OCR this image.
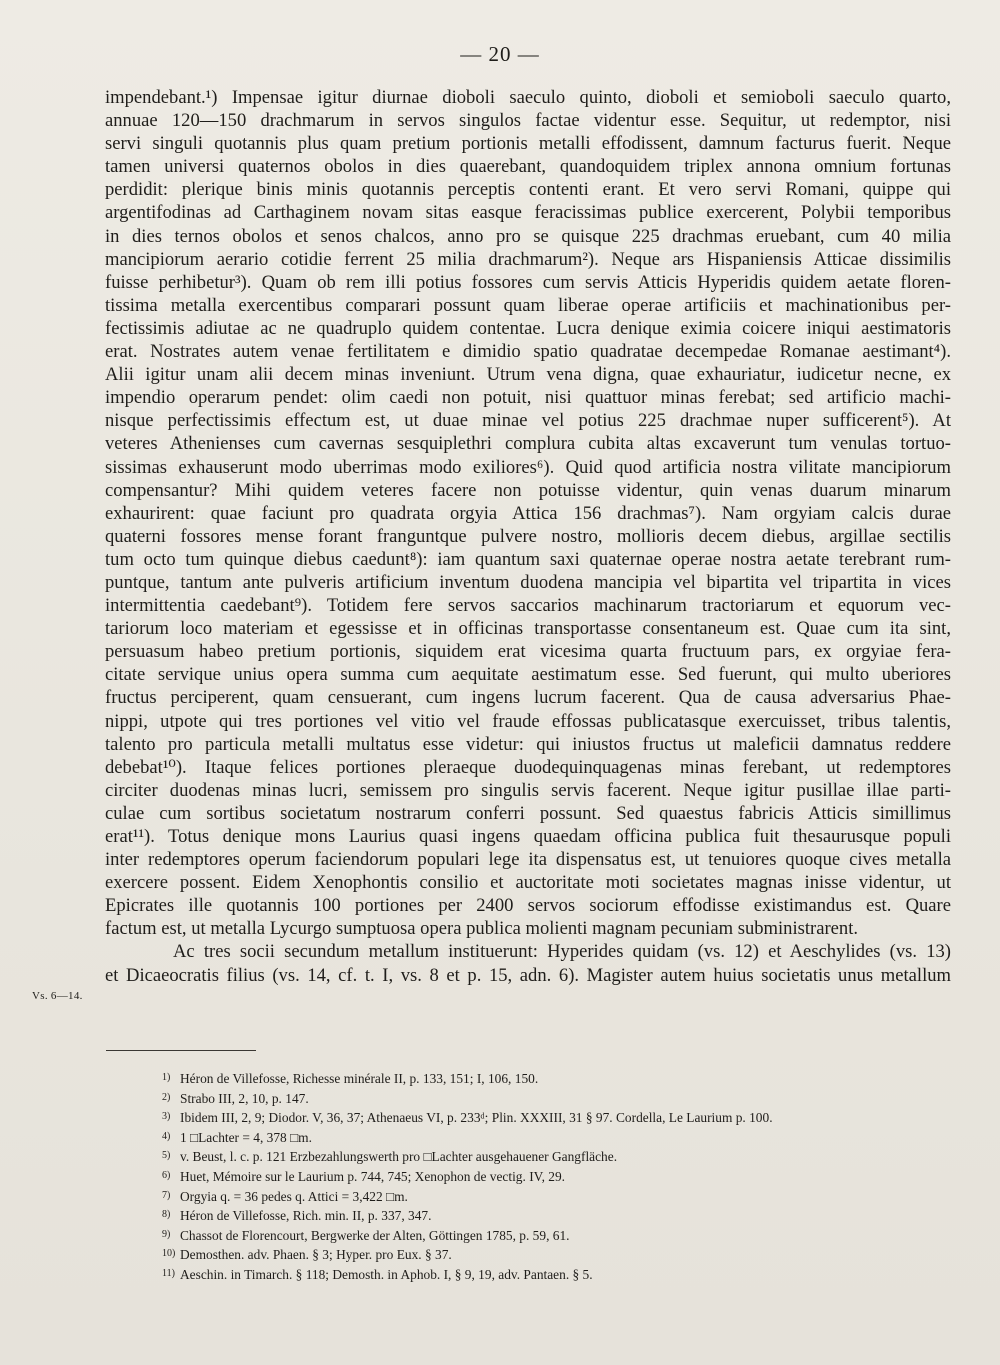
— 20 —
impendebant.¹) Impensae igitur diurnae dioboli saeculo quinto, dioboli et semioboli saeculo quarto,
annuae 120—150 drachmarum in servos singulos factae videntur esse. Sequitur, ut redemptor, nisi
servi singuli quotannis plus quam pretium portionis metalli effodissent, damnum facturus fuerit. Neque
tamen universi quaternos obolos in dies quaerebant, quandoquidem triplex annona omnium fortunas
perdidit: plerique binis minis quotannis perceptis contenti erant. Et vero servi Romani, quippe qui
argentifodinas ad Carthaginem novam sitas easque feracissimas publice exercerent, Polybii temporibus
in dies ternos obolos et senos chalcos, anno pro se quisque 225 drachmas eruebant, cum 40 milia
mancipiorum aerario cotidie ferrent 25 milia drachmarum²). Neque ars Hispaniensis Atticae dissimilis
fuisse perhibetur³). Quam ob rem illi potius fossores cum servis Atticis Hyperidis quidem aetate floren-
tissima metalla exercentibus comparari possunt quam liberae operae artificiis et machinationibus per-
fectissimis adiutae ac ne quadruplo quidem contentae. Lucra denique eximia coicere iniqui aestimatoris
erat. Nostrates autem venae fertilitatem e dimidio spatio quadratae decempedae Romanae aestimant⁴).
Alii igitur unam alii decem minas inveniunt. Utrum vena digna, quae exhauriatur, iudicetur necne, ex
impendio operarum pendet: olim caedi non potuit, nisi quattuor minas ferebat; sed artificio machi-
nisque perfectissimis effectum est, ut duae minae vel potius 225 drachmae nuper sufficerent⁵). At
veteres Athenienses cum cavernas sesquiplethri complura cubita altas excaverunt tum venulas tortuo-
sissimas exhauserunt modo uberrimas modo exiliores⁶). Quid quod artificia nostra vilitate mancipiorum
compensantur? Mihi quidem veteres facere non potuisse videntur, quin venas duarum minarum
exhaurirent: quae faciunt pro quadrata orgyia Attica 156 drachmas⁷). Nam orgyiam calcis durae
quaterni fossores mense forant franguntque pulvere nostro, mollioris decem diebus, argillae sectilis
tum octo tum quinque diebus caedunt⁸): iam quantum saxi quaternae operae nostra aetate terebrant rum-
puntque, tantum ante pulveris artificium inventum duodena mancipia vel bipartita vel tripartita in vices
intermittentia caedebant⁹). Totidem fere servos saccarios machinarum tractoriarum et equorum vec-
tariorum loco materiam et egessisse et in officinas transportasse consentaneum est. Quae cum ita sint,
persuasum habeo pretium portionis, siquidem erat vicesima quarta fructuum pars, ex orgyiae fera-
citate servique unius opera summa cum aequitate aestimatum esse. Sed fuerunt, qui multo uberiores
fructus perciperent, quam censuerant, cum ingens lucrum facerent. Qua de causa adversarius Phae-
nippi, utpote qui tres portiones vel vitio vel fraude effossas publicatasque exercuisset, tribus talentis,
talento pro particula metalli multatus esse videtur: qui iniustos fructus ut maleficii damnatus reddere
debebat¹⁰). Itaque felices portiones pleraeque duodequinquagenas minas ferebant, ut redemptores
circiter duodenas minas lucri, semissem pro singulis servis facerent. Neque igitur pusillae illae parti-
culae cum sortibus societatum nostrarum conferri possunt. Sed quaestus fabricis Atticis simillimus
erat¹¹). Totus denique mons Laurius quasi ingens quaedam officina publica fuit thesaurusque populi
inter redemptores operum faciendorum populari lege ita dispensatus est, ut tenuiores quoque cives metalla
exercere possent. Eidem Xenophontis consilio et auctoritate moti societates magnas inisse videntur, ut
Epicrates ille quotannis 100 portiones per 2400 servos sociorum effodisse existimandus est. Quare
factum est, ut metalla Lycurgo sumptuosa opera publica molienti magnam pecuniam subministrarent.
Ac tres socii secundum metallum instituerunt: Hyperides quidam (vs. 12) et Aeschylides (vs. 13)
et Dicaeocratis filius (vs. 14, cf. t. I, vs. 8 et p. 15, adn. 6). Magister autem huius societatis unus metallum
Vs. 6—14.
1) Héron de Villefosse, Richesse minérale II, p. 133, 151; I, 106, 150.
2) Strabo III, 2, 10, p. 147.
3) Ibidem III, 2, 9; Diodor. V, 36, 37; Athenaeus VI, p. 233ᵈ; Plin. XXXIII, 31 § 97. Cordella, Le Laurium p. 100.
4) 1 □Lachter = 4, 378 □m.
5) v. Beust, l. c. p. 121 Erzbezahlungswerth pro □Lachter ausgehauener Gangfläche.
6) Huet, Mémoire sur le Laurium p. 744, 745; Xenophon de vectig. IV, 29.
7) Orgyia q. = 36 pedes q. Attici = 3,422 □m.
8) Héron de Villefosse, Rich. min. II, p. 337, 347.
9) Chassot de Florencourt, Bergwerke der Alten, Göttingen 1785, p. 59, 61.
10) Demosthen. adv. Phaen. § 3; Hyper. pro Eux. § 37.
11) Aeschin. in Timarch. § 118; Demosth. in Aphob. I, § 9, 19, adv. Pantaen. § 5.
